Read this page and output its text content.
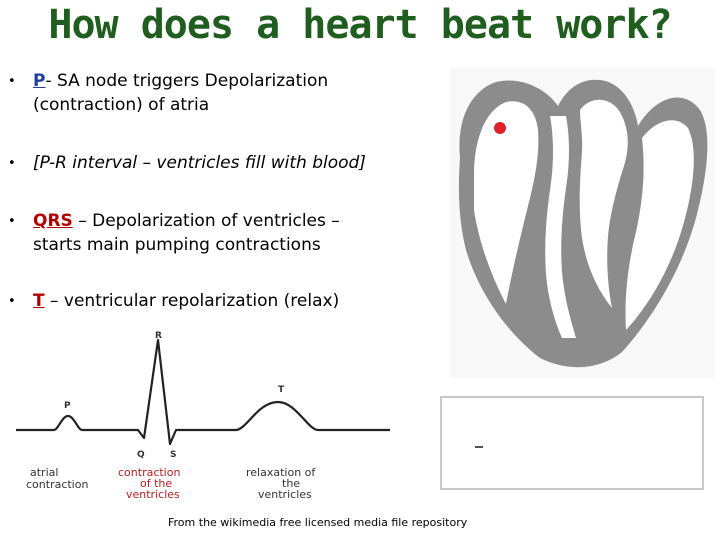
How does a heart beat work?
• P- SA node triggers Depolarization
(contraction) of atria
• [P-R interval – ventricles fill with blood]
• QRS – Depolarization of ventricles –
starts main pumping contractions
• T – ventricular repolarization (relax)
R
P
T
Q	S
atrial
contraction
contraction
of the
ventricles
relaxation of
the
ventricles
From the wikimedia free licensed media file repository
